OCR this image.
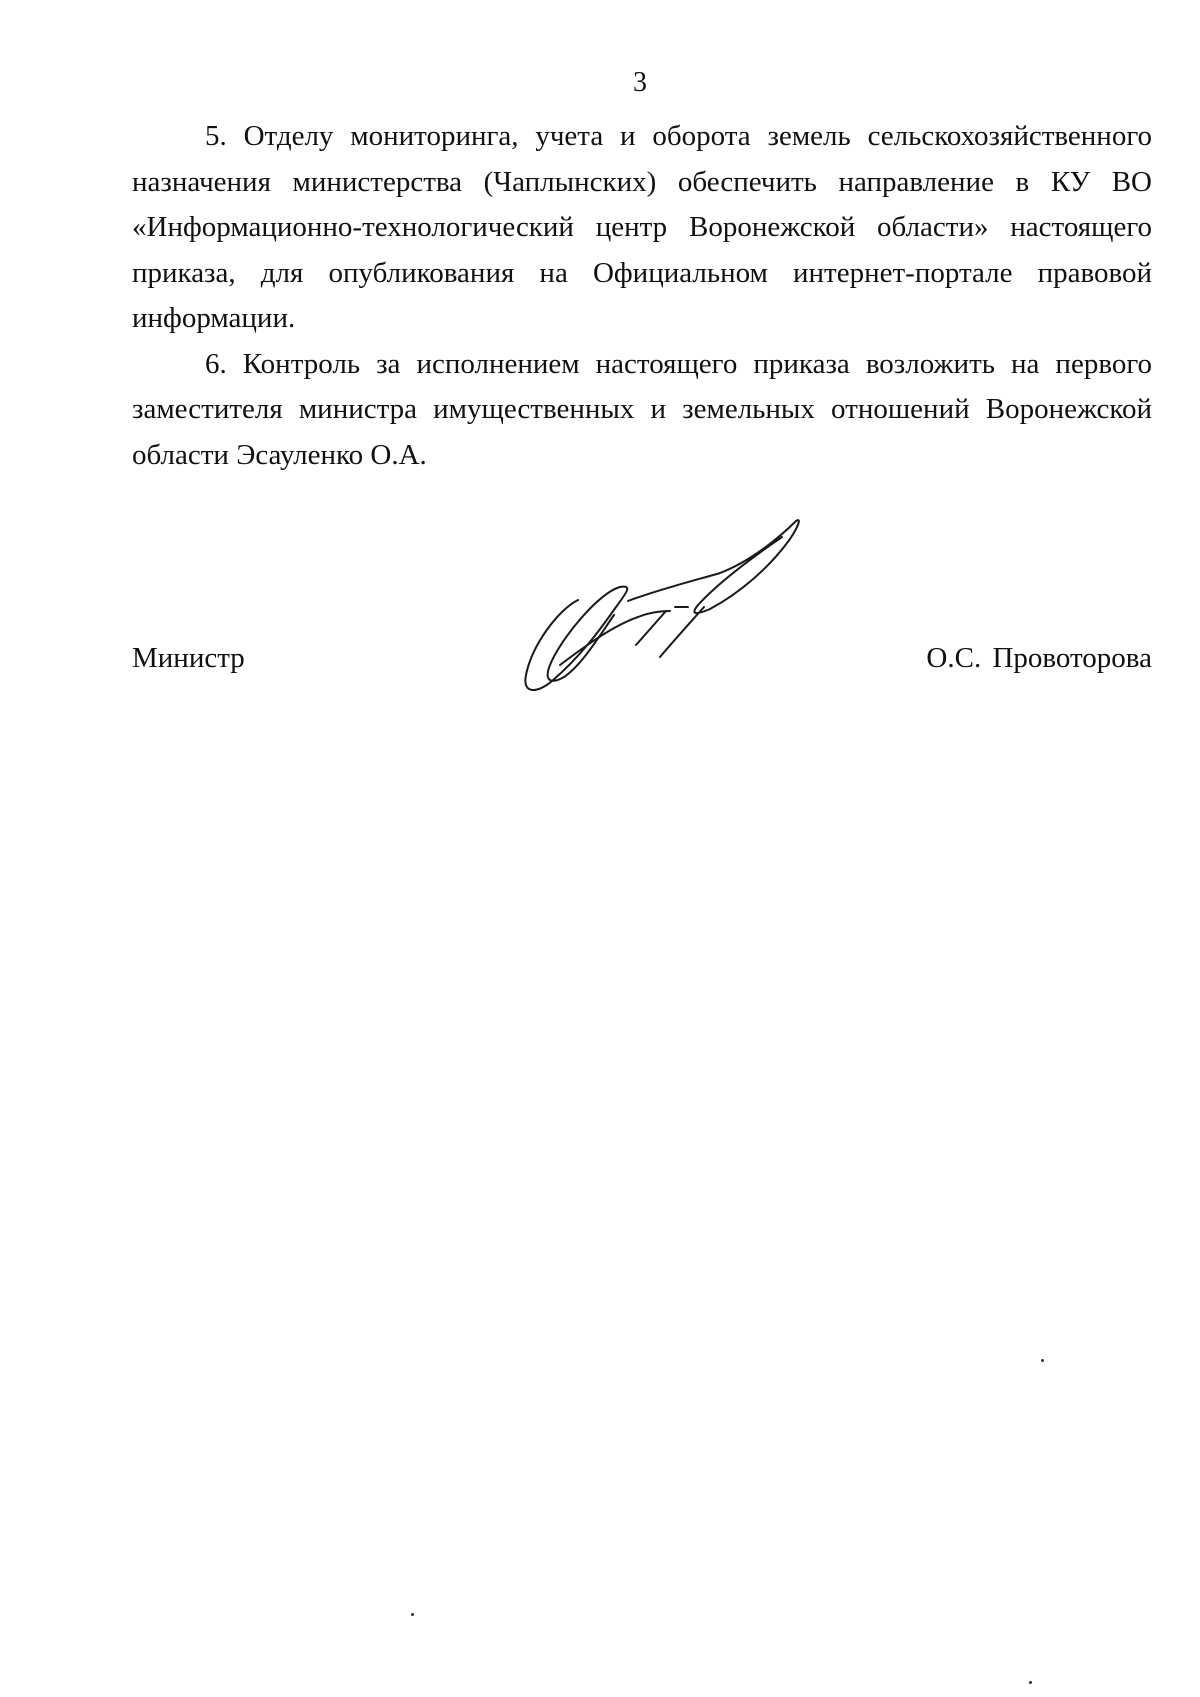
3

5. Отделу мониторинга, учета и оборота земель сельскохозяйственного назначения министерства (Чаплынских) обеспечить направление в КУ ВО «Информационно-технологический центр Воронежской области» настоящего приказа, для опубликования на Официальном интернет-портале правовой информации.

6. Контроль за исполнением настоящего приказа возложить на первого заместителя министра имущественных и земельных отношений Воронежской области Эсауленко О.А.

Министр	О.С. Провоторова
